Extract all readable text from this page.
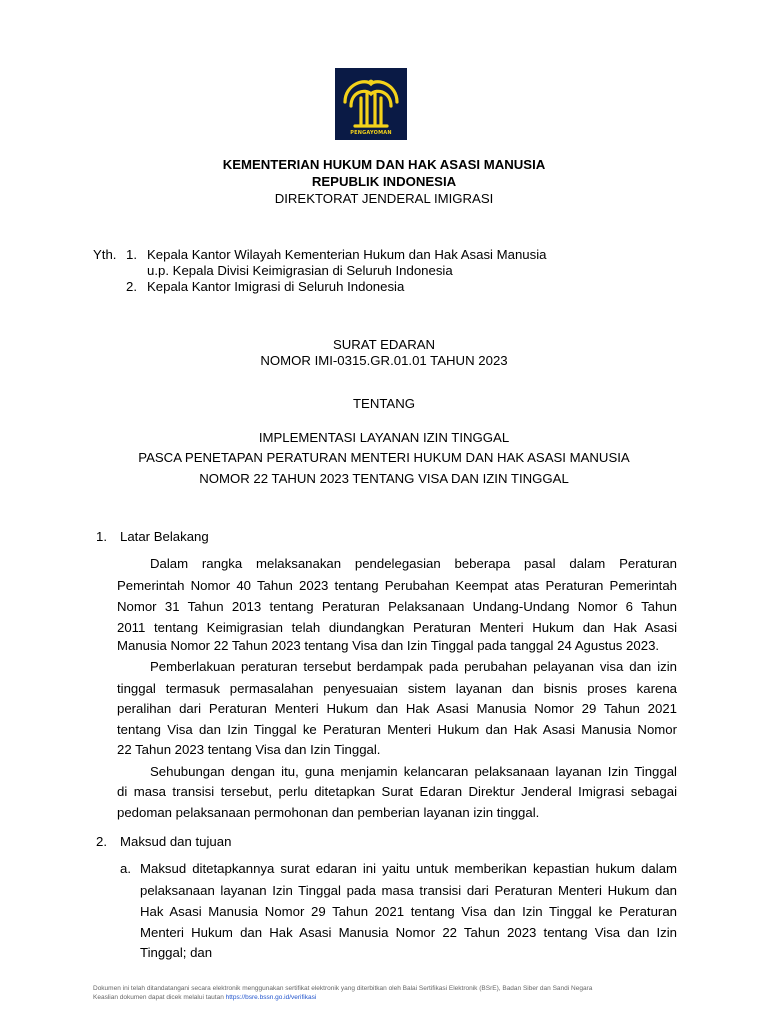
PENGAYOMAN
KEMENTERIAN HUKUM DAN HAK ASASI MANUSIA
REPUBLIK INDONESIA
DIREKTORAT JENDERAL IMIGRASI
Yth. 1. Kepala Kantor Wilayah Kementerian Hukum dan Hak Asasi Manusia
u.p. Kepala Divisi Keimigrasian di Seluruh Indonesia
2. Kepala Kantor Imigrasi di Seluruh Indonesia
SURAT EDARAN
NOMOR IMI-0315.GR.01.01 TAHUN 2023
TENTANG
IMPLEMENTASI LAYANAN IZIN TINGGAL
PASCA PENETAPAN PERATURAN MENTERI HUKUM DAN HAK ASASI MANUSIA
NOMOR 22 TAHUN 2023 TENTANG VISA DAN IZIN TINGGAL
1. Latar Belakang
Dalam rangka melaksanakan pendelegasian beberapa pasal dalam Peraturan
Pemerintah Nomor 40 Tahun 2023 tentang Perubahan Keempat atas Peraturan Pemerintah
Nomor 31 Tahun 2013 tentang Peraturan Pelaksanaan Undang-Undang Nomor 6 Tahun
2011 tentang Keimigrasian telah diundangkan Peraturan Menteri Hukum dan Hak Asasi
Manusia Nomor 22 Tahun 2023 tentang Visa dan Izin Tinggal pada tanggal 24 Agustus 2023.
Pemberlakuan peraturan tersebut berdampak pada perubahan pelayanan visa dan izin
tinggal termasuk permasalahan penyesuaian sistem layanan dan bisnis proses karena
peralihan dari Peraturan Menteri Hukum dan Hak Asasi Manusia Nomor 29 Tahun 2021
tentang Visa dan Izin Tinggal ke Peraturan Menteri Hukum dan Hak Asasi Manusia Nomor
22 Tahun 2023 tentang Visa dan Izin Tinggal.
Sehubungan dengan itu, guna menjamin kelancaran pelaksanaan layanan Izin Tinggal
di masa transisi tersebut, perlu ditetapkan Surat Edaran Direktur Jenderal Imigrasi sebagai
pedoman pelaksanaan permohonan dan pemberian layanan izin tinggal.
2. Maksud dan tujuan
a. Maksud ditetapkannya surat edaran ini yaitu untuk memberikan kepastian hukum dalam
pelaksanaan layanan Izin Tinggal pada masa transisi dari Peraturan Menteri Hukum dan
Hak Asasi Manusia Nomor 29 Tahun 2021 tentang Visa dan Izin Tinggal ke Peraturan
Menteri Hukum dan Hak Asasi Manusia Nomor 22 Tahun 2023 tentang Visa dan Izin
Tinggal; dan
Dokumen ini telah ditandatangani secara elektronik menggunakan sertifikat elektronik yang diterbitkan oleh Balai Sertifikasi Elektronik (BSrE), Badan Siber dan Sandi Negara
Keaslian dokumen dapat dicek melalui tautan https://bsre.bssn.go.id/verifikasi
